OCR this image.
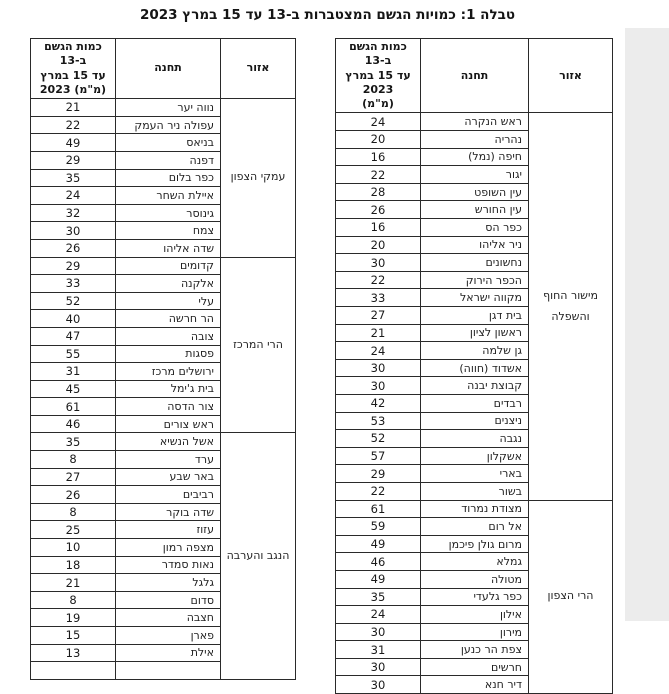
טבלה 1: כמויות הגשם המצטברות ב-13 עד 15 במרץ 2023
אזור	תחנה	כמות הגשם ב-13
עד 15 במרץ 2023
(מ"מ)

מישור החוף והשפלה	ראש הנקרה	24
	נהריה	20
	חיפה (נמל)	16
	יגור	22
	עין השופט	28
	עין החורש	26
	כפר הס	16
	ניר אליהו	20
	נחשונים	30
	הכפר הירוק	22
	מקווה ישראל	33
	בית דגן	27
	ראשון לציון	21
	גן שלמה	24
	אשדוד (חווה)	30
	קבוצת יבנה	30
	רבדים	42
	ניצנים	53
	נגבה	52
	אשקלון	57
	בארי	29
	בשור	22
הרי הצפון	מצודת נמרוד	61
	אל רום	59
	מרום גולן פיכמן	49
	גמלא	46
	מטולה	49
	כפר גלעדי	35
	אילון	24
	מירון	30
	צפת הר כנען	31
	חרשים	30
	דיר חנא	30
אזור	תחנה	כמות הגשם ב-13
עד 15 במרץ
2023 (מ"מ)

עמקי הצפון	נווה יער	21
	עפולה ניר העמק	22
	בניאס	49
	דפנה	29
	כפר בלום	35
	איילת השחר	24
	גינוסר	32
	צמח	30
	שדה אליהו	26
הרי המרכז	קדומים	29
	אלקנה	33
	עלי	52
	הר חרשה	40
	צובה	47
	פסגות	55
	ירושלים מרכז	31
	בית ג'ימל	45
	צור הדסה	61
	ראש צורים	46
הנגב והערבה	אשל הנשיא	35
	ערד	8
	באר שבע	27
	רביבים	26
	שדה בוקר	8
	עזוז	25
	מצפה רמון	10
	נאות סמדר	18
	גלגל	21
	סדום	8
	חצבה	19
	פארן	15
	אילת	13
